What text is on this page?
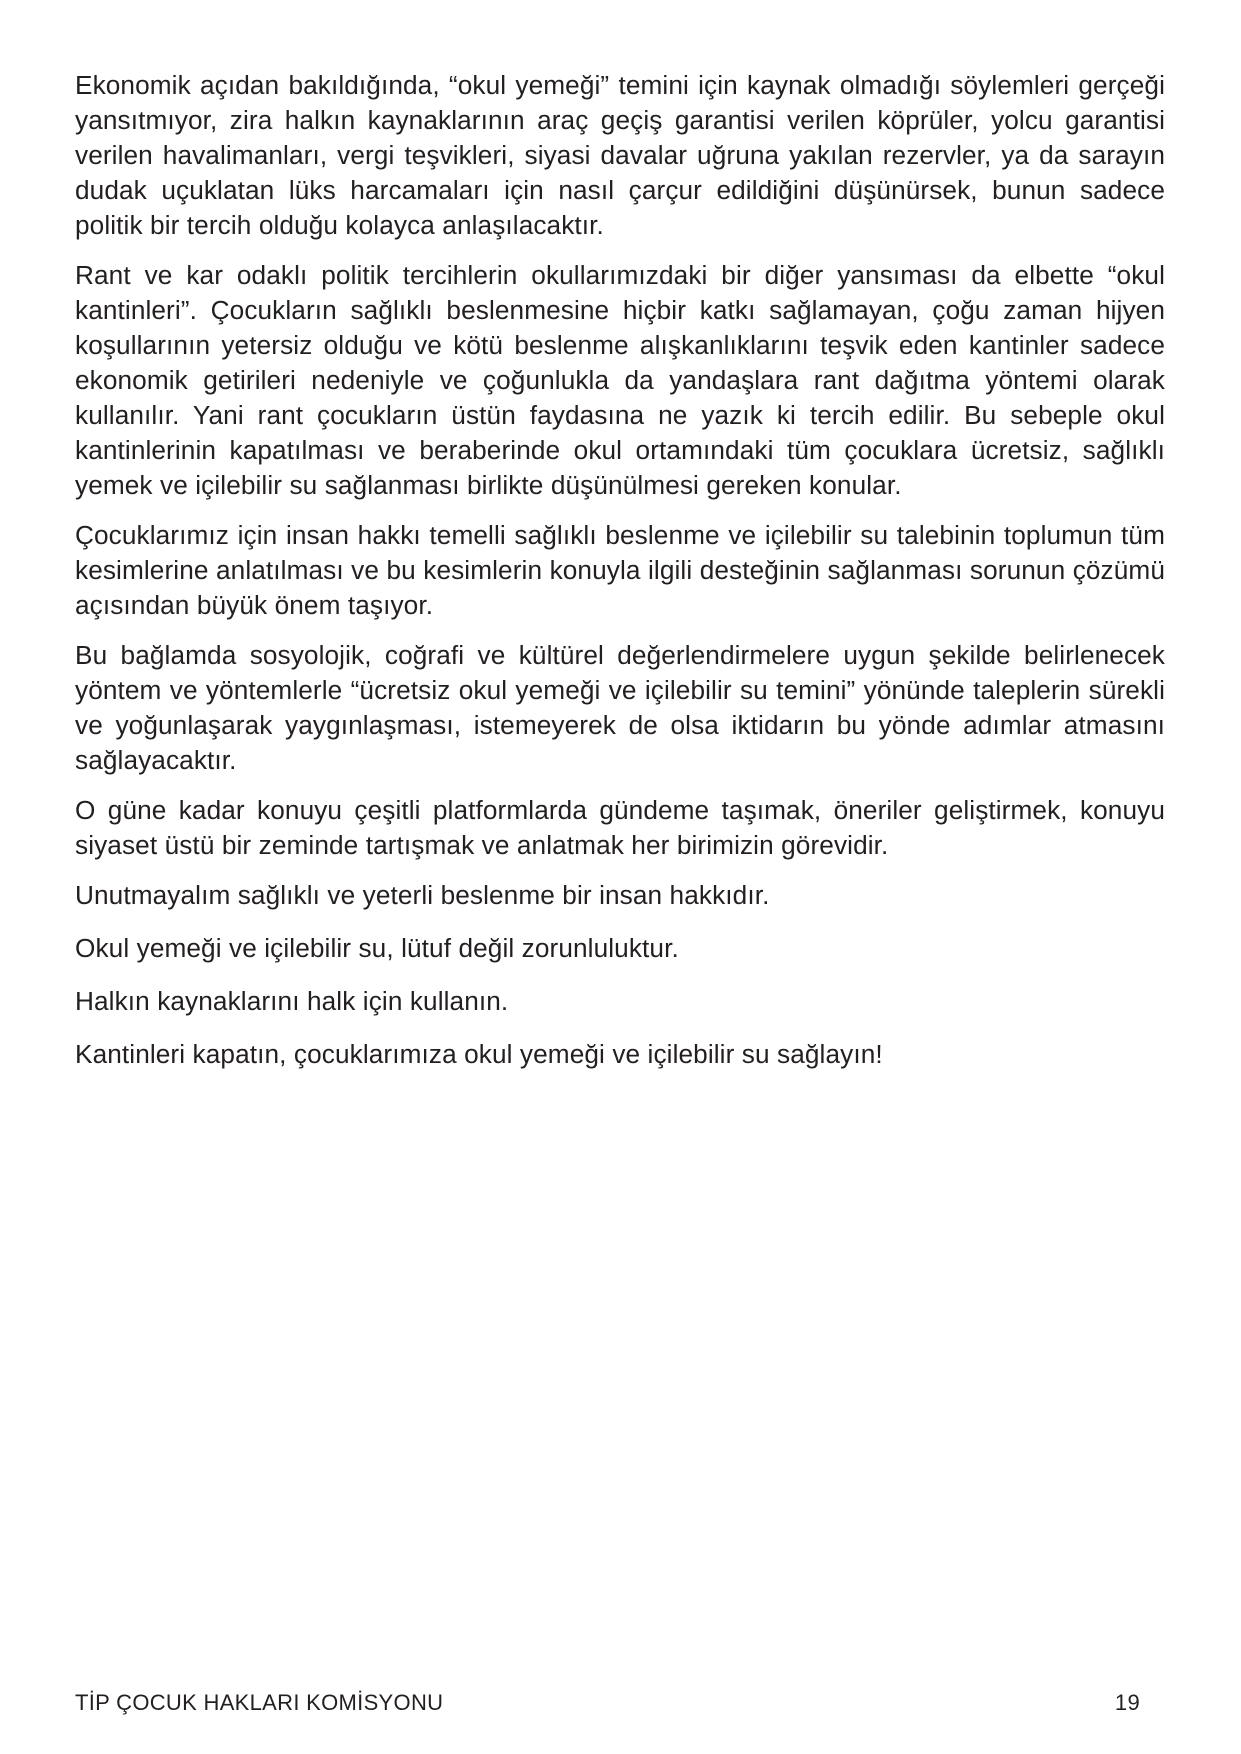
Ekonomik açıdan bakıldığında, “okul yemeği” temini için kaynak olmadığı söylemleri gerçeği yansıtmıyor, zira halkın kaynaklarının araç geçiş garantisi verilen köprüler, yolcu garantisi verilen havalimanları, vergi teşvikleri, siyasi davalar uğruna yakılan rezervler, ya da sarayın dudak uçuklatan lüks harcamaları için nasıl çarçur edildiğini düşünürsek, bunun sadece politik bir tercih olduğu kolayca anlaşılacaktır.

Rant ve kar odaklı politik tercihlerin okullarımızdaki bir diğer yansıması da elbette “okul kantinleri”. Çocukların sağlıklı beslenmesine hiçbir katkı sağlamayan, çoğu zaman hijyen koşullarının yetersiz olduğu ve kötü beslenme alışkanlıklarını teşvik eden kantinler sadece ekonomik getirileri nedeniyle ve çoğunlukla da yandaşlara rant dağıtma yöntemi olarak kullanılır. Yani rant çocukların üstün faydasına ne yazık ki tercih edilir. Bu sebeple okul kantinlerinin kapatılması ve beraberinde okul ortamındaki tüm çocuklara ücretsiz, sağlıklı yemek ve içilebilir su sağlanması birlikte düşünülmesi gereken konular.

Çocuklarımız için insan hakkı temelli sağlıklı beslenme ve içilebilir su talebinin toplumun tüm kesimlerine anlatılması ve bu kesimlerin konuyla ilgili desteğinin sağlanması sorunun çözümü açısından büyük önem taşıyor.

Bu bağlamda sosyolojik, coğrafi ve kültürel değerlendirmelere uygun şekilde belirlenecek yöntem ve yöntemlerle “ücretsiz okul yemeği ve içilebilir su temini” yönünde taleplerin sürekli ve yoğunlaşarak yaygınlaşması, istemeyerek de olsa iktidarın bu yönde adımlar atmasını sağlayacaktır.

O güne kadar konuyu çeşitli platformlarda gündeme taşımak, öneriler geliştirmek, konuyu siyaset üstü bir zeminde tartışmak ve anlatmak her birimizin görevidir.

Unutmayalım sağlıklı ve yeterli beslenme bir insan hakkıdır.

Okul yemeği ve içilebilir su, lütuf değil zorunluluktur.

Halkın kaynaklarını halk için kullanın.

Kantinleri kapatın, çocuklarımıza okul yemeği ve içilebilir su sağlayın!

TİP ÇOCUK HAKLARI KOMİSYONU	19
